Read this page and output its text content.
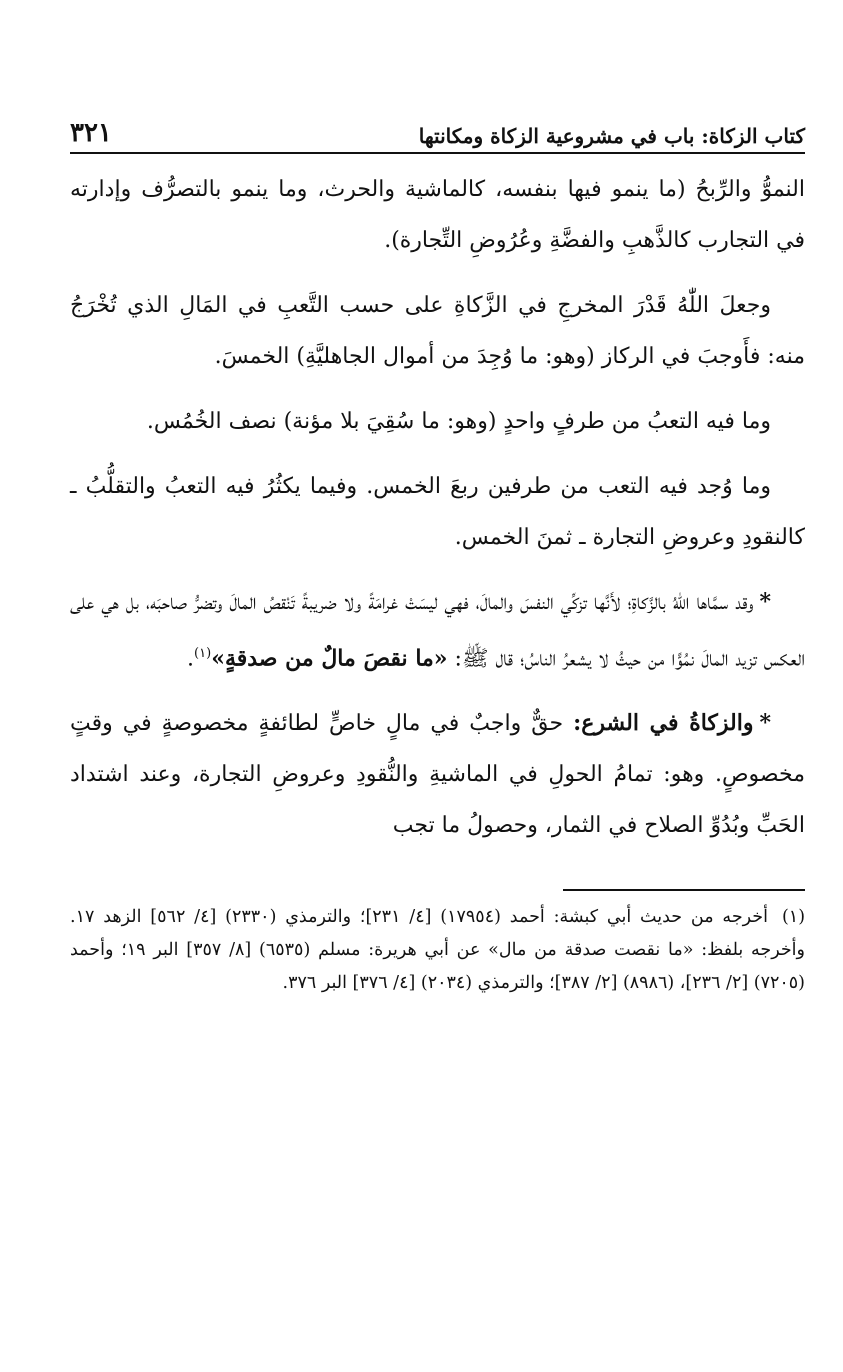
كتاب الزكاة: باب في مشروعية الزكاة ومكانتها
٣٢١

النموُّ والرِّبحُ (ما ينمو فيها بنفسه، كالماشية والحرث، وما ينمو بالتصرُّف وإدارته في التجارب كالذَّهبِ والفضَّةِ وعُرُوضِ التِّجارة).

وجعلَ اللّٰهُ قَدْرَ المخرجِ في الزَّكاةِ على حسب التَّعبِ في المَالِ الذي تُخْرَجُ منه: فأَوجبَ في الركاز (وهو: ما وُجِدَ من أموال الجاهليَّةِ) الخمسَ.

وما فيه التعبُ من طرفٍ واحدٍ (وهو: ما سُقِيَ بلا مؤنة) نصف الخُمُس.

وما وُجد فيه التعب من طرفين ربعَ الخمس. وفيما يكثُرُ فيه التعبُ والتقلُّبُ ـ كالنقودِ وعروضِ التجارة ـ ثمنَ الخمس.

*وقد سمَّاها اللّٰهُ بالزَّكاةِ؛ لأَنَّها تزكِّي النفسَ والمالَ، فهي ليسَتْ غرامَةً ولا ضريبةً تَنْقصُ المالَ وتضرُّ صاحبَه، بل هي على العكس تزيد المالَ نمُوًّا من حيثُ لا يشعرُ الناسُ؛ قال ﷺ: «ما نقصَ مالٌ من صدقةٍ»$^{(١)}$.

*والزكاةُ في الشرع: حقٌّ واجبٌ في مالٍ خاصٍّ لطائفةٍ مخصوصةٍ في وقتٍ مخصوصٍ. وهو: تمامُ الحولِ في الماشيةِ والنُّقودِ وعروضِ التجارة، وعند اشتداد الحَبِّ وبُدُوِّ الصلاح في الثمار، وحصولُ ما تجب

(١)أخرجه من حديث أبي كبشة: أحمد (١٧٩٥٤) [٤/ ٢٣١]؛ والترمذي (٢٣٣٠) [٤/ ٥٦٢] الزهد ١٧. وأخرجه بلفظ: «ما نقصت صدقة من مال» عن أبي هريرة: مسلم (٦٥٣٥) [٨/ ٣٥٧] البر ١٩؛ وأحمد (٧٢٠٥) [٢/ ٢٣٦]، (٨٩٨٦) [٢/ ٣٨٧]؛ والترمذي (٢٠٣٤) [٤/ ٣٧٦] البر ٣٧٦.
